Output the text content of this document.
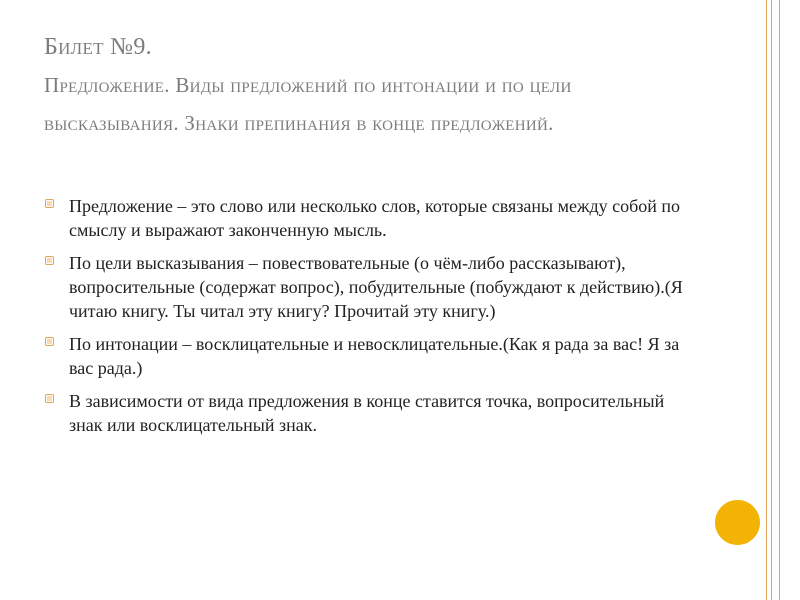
Билет №9.
Предложение. Виды предложений по интонации и по цели высказывания. Знаки препинания в конце предложений.
Предложение – это слово или несколько слов, которые связаны между собой по смыслу и выражают законченную мысль.
По цели высказывания – повествовательные (о чём-либо рассказывают), вопросительные (содержат вопрос), побудительные (побуждают к действию).(Я читаю книгу. Ты читал эту книгу? Прочитай эту книгу.)
По интонации – восклицательные и невосклицательные.(Как я рада за вас! Я за вас рада.)
В зависимости от вида предложения в конце ставится точка, вопросительный знак или восклицательный знак.
